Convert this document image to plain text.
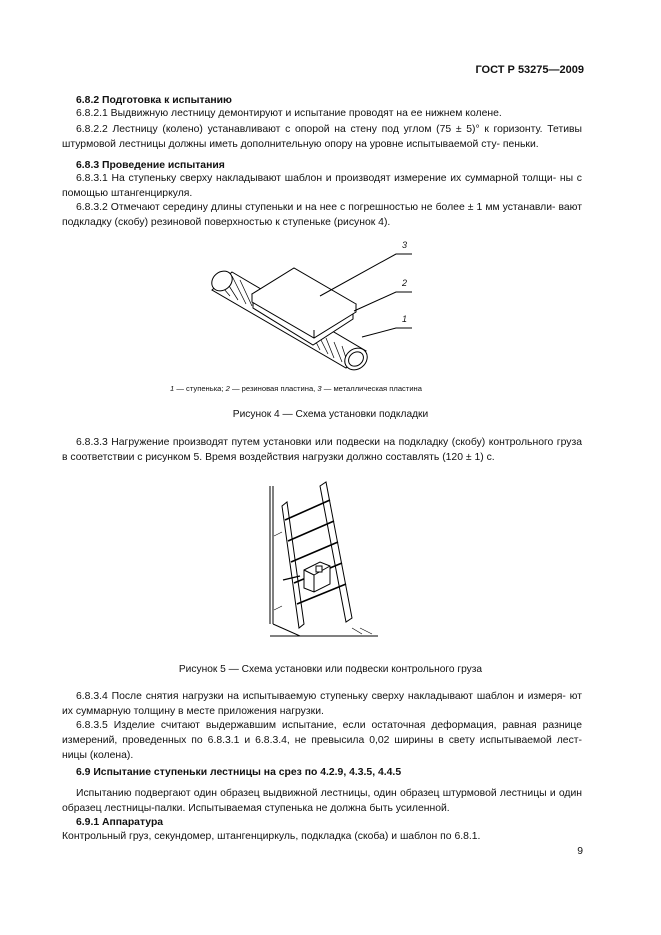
ГОСТ Р 53275—2009
6.8.2 Подготовка к испытанию
6.8.2.1 Выдвижную лестницу демонтируют и испытание проводят на ее нижнем колене.
6.8.2.2 Лестницу (колено) устанавливают с опорой на стену под углом (75 ± 5)° к горизонту. Тетивы штурмовой лестницы должны иметь дополнительную опору на уровне испытываемой сту- пеньки.
6.8.3 Проведение испытания
6.8.3.1 На ступеньку сверху накладывают шаблон и производят измерение их суммарной толщи- ны с помощью штангенциркуля.
6.8.3.2 Отмечают середину длины ступеньки и на нее с погрешностью не более ± 1 мм устанавли- вают подкладку (скобу) резиновой поверхностью к ступеньке (рисунок 4).
3
2
1
1 — ступенька; 2 — резиновая пластина, 3 — металлическая пластина
Рисунок 4 — Схема установки подкладки
6.8.3.3 Нагружение производят путем установки или подвески на подкладку (скобу) контрольного груза в соответствии с рисунком 5. Время воздействия нагрузки должно составлять (120 ± 1) с.
Рисунок 5 — Схема установки или подвески контрольного груза
6.8.3.4 После снятия нагрузки на испытываемую ступеньку сверху накладывают шаблон и измеря- ют их суммарную толщину в месте приложения нагрузки.
6.8.3.5 Изделие считают выдержавшим испытание, если остаточная деформация, равная разнице измерений, проведенных по 6.8.3.1 и 6.8.3.4, не превысила 0,02 ширины в свету испытываемой лест- ницы (колена).
6.9 Испытание ступеньки лестницы на срез по 4.2.9, 4.3.5, 4.4.5
Испытанию подвергают один образец выдвижной лестницы, один образец штурмовой лестницы и один образец лестницы-палки. Испытываемая ступенька не должна быть усиленной.
6.9.1 Аппаратура
Контрольный груз, секундомер, штангенциркуль, подкладка (скоба) и шаблон по 6.8.1.
9
